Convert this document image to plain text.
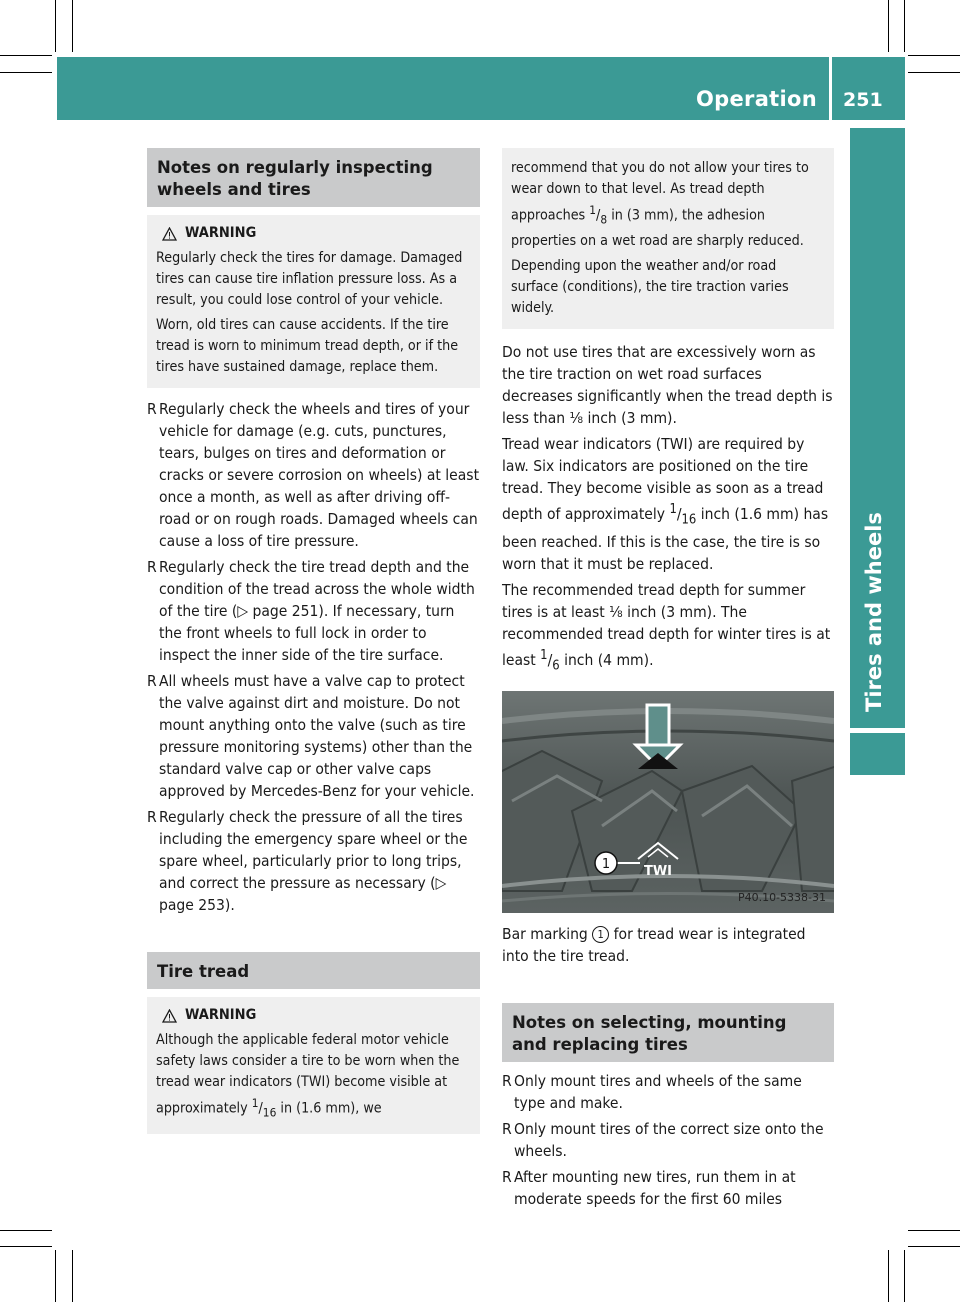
Operation 251
Tires and wheels
Notes on regularly inspecting wheels and tires
WARNING

Regularly check the tires for damage. Damaged tires can cause tire inflation pressure loss. As a result, you could lose control of your vehicle.

Worn, old tires can cause accidents. If the tire tread is worn to minimum tread depth, or if the tires have sustained damage, replace them.

R Regularly check the wheels and tires of your vehicle for damage (e.g. cuts, punctures, tears, bulges on tires and deformation or cracks or severe corrosion on wheels) at least once a month, as well as after driving off-road or on rough roads. Damaged wheels can cause a loss of tire pressure.
R Regularly check the tire tread depth and the condition of the tread across the whole width of the tire (▷ page 251). If necessary, turn the front wheels to full lock in order to inspect the inner side of the tire surface.
R All wheels must have a valve cap to protect the valve against dirt and moisture. Do not mount anything onto the valve (such as tire pressure monitoring systems) other than the standard valve cap or other valve caps approved by Mercedes-Benz for your vehicle.
R Regularly check the pressure of all the tires including the emergency spare wheel or the spare wheel, particularly prior to long trips, and correct the pressure as necessary (▷ page 253).
Tire tread
WARNING

Although the applicable federal motor vehicle safety laws consider a tire to be worn when the tread wear indicators (TWI) become visible at approximately $^1/_{16}$ in (1.6 mm), we

recommend that you do not allow your tires to wear down to that level. As tread depth approaches $^1/_8$ in (3 mm), the adhesion properties on a wet road are sharply reduced.

Depending upon the weather and/or road surface (conditions), the tire traction varies widely.

Do not use tires that are excessively worn as the tire traction on wet road surfaces decreases significantly when the tread depth is less than ⅛ inch (3 mm).

Tread wear indicators (TWI) are required by law. Six indicators are positioned on the tire tread. They become visible as soon as a tread depth of approximately $^1/_{16}$ inch (1.6 mm) has been reached. If this is the case, the tire is so worn that it must be replaced.

The recommended tread depth for summer tires is at least ⅛ inch (3 mm). The recommended tread depth for winter tires is at least $^1/_6$ inch (4 mm).

1	TWI
P40.10-5338-31

Bar marking 1 for tread wear is integrated into the tire tread.

Notes on selecting, mounting and replacing tires
R Only mount tires and wheels of the same type and make.
R Only mount tires of the correct size onto the wheels.
R After mounting new tires, run them in at moderate speeds for the first 60 miles
